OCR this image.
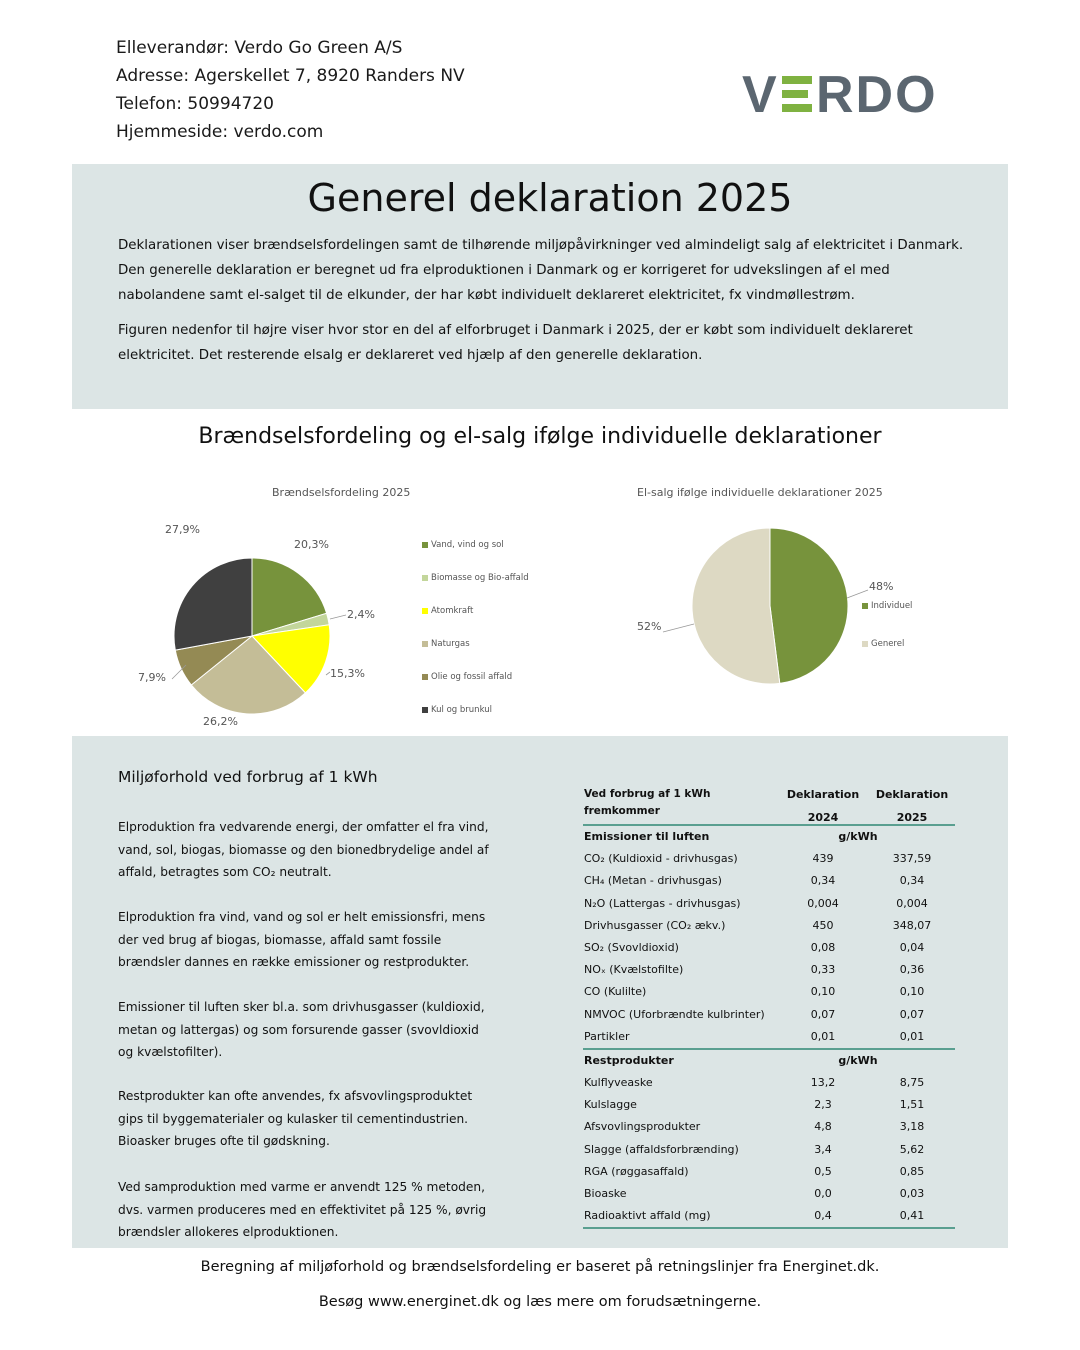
Elleverandør: Verdo Go Green A/S
Adresse: Agerskellet 7, 8920 Randers NV
Telefon: 50994720
Hjemmeside: verdo.com
V RDO
Generel deklaration 2025
Deklarationen viser brændselsfordelingen samt de tilhørende miljøpåvirkninger ved almindeligt salg af elektricitet i Danmark. Den generelle deklaration er beregnet ud fra elproduktionen i Danmark og er korrigeret for udvekslingen af el med nabolandene samt el-salget til de elkunder, der har købt individuelt deklareret elektricitet, fx vindmøllestrøm.
Figuren nedenfor til højre viser hvor stor en del af elforbruget i Danmark i 2025, der er købt som individuelt deklareret elektricitet. Det resterende elsalg er deklareret ved hjælp af den generelle deklaration.
Brændselsfordeling og el-salg ifølge individuelle deklarationer
Brændselsfordeling 2025	El-salg ifølge individuelle deklarationer 2025
Miljøforhold ved forbrug af 1 kWh
Elproduktion fra vedvarende energi, der omfatter el fra vind, vand, sol, biogas, biomasse og den bionedbrydelige andel af affald, betragtes som CO₂ neutralt.
Elproduktion fra vind, vand og sol er helt emissionsfri, mens der ved brug af biogas, biomasse, affald samt fossile brændsler dannes en række emissioner og restprodukter.
Emissioner til luften sker bl.a. som drivhusgasser (kuldioxid, metan og lattergas) og som forsurende gasser (svovldioxid og kvælstofilter).
Restprodukter kan ofte anvendes, fx afsvovlingsproduktet gips til byggematerialer og kulasker til cementindustrien. Bioasker bruges ofte til gødskning.
Ved samproduktion med varme er anvendt 125 % metoden, dvs. varmen produceres med en effektivitet på 125 %, øvrig brændsler allokeres elproduktionen.
Ved forbrug af 1 kWh fremkommer
Deklaration 2024
Deklaration 2025
Emissioner til luften	g/kWh
CO₂ (Kuldioxid - drivhusgas)	439	337,59
CH₄ (Metan - drivhusgas)	0,34	0,34
N₂O (Lattergas - drivhusgas)	0,004	0,004
Drivhusgasser (CO₂ ækv.)	450	348,07
SO₂ (Svovldioxid)	0,08	0,04
NOₓ (Kvælstofilte)	0,33	0,36
CO (Kulilte)	0,10	0,10
NMVOC (Uforbrændte kulbrinter)	0,07	0,07
Partikler	0,01	0,01
Restprodukter	g/kWh
Kulflyveaske	13,2	8,75
Kulslagge	2,3	1,51
Afsvovlingsprodukter	4,8	3,18
Slagge (affaldsforbrænding)	3,4	5,62
RGA (røggasaffald)	0,5	0,85
Bioaske	0,0	0,03
Radioaktivt affald (mg)	0,4	0,41
Beregning af miljøforhold og brændselsfordeling er baseret på retningslinjer fra Energinet.dk.
Besøg www.energinet.dk og læs mere om forudsætningerne.
20,3%
2,4%
15,3%
26,2%
7,9%
27,9%
Vand, vind og sol
Biomasse og Bio-affald
Atomkraft
Naturgas
Olie og fossil affald
Kul og brunkul
48%
52%
Individuel
Generel
